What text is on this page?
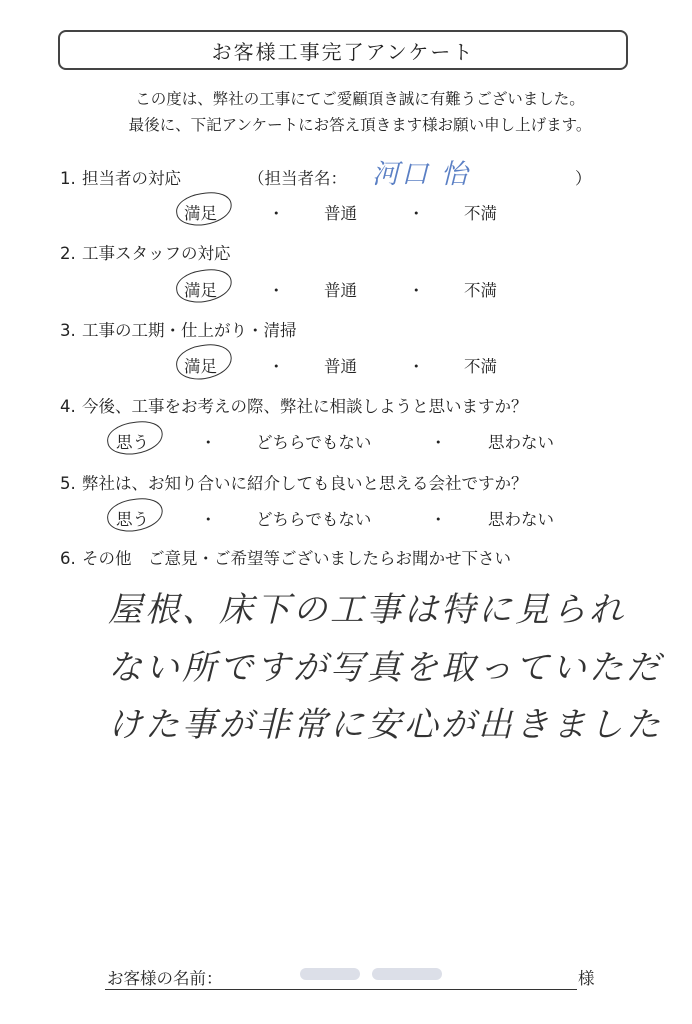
お客様工事完了アンケート
この度は、弊社の工事にてご愛顧頂き誠に有難うございました。
最後に、下記アンケートにお答え頂きます様お願い申し上げます。
1. 担当者の対応	（担当者名： 河口 怡	）
満足	・ 普通	・ 不満
2. 工事スタッフの対応
満足	・ 普通	・ 不満
3. 工事の工期・仕上がり・清掃
満足	・ 普通	・ 不満
4. 今後、工事をお考えの際、弊社に相談しようと思いますか？
思う	・ どちらでもない	・	思わない
5. 弊社は、お知り合いに紹介しても良いと思える会社ですか？
思う	・ どちらでもない	・	思わない
6. その他　ご意見・ご希望等ございましたらお聞かせ下さい
屋根、床下の工事は特に見られ
ない所ですが写真を取っていただ
けた事が非常に安心が出きました
お客様の名前：	様
